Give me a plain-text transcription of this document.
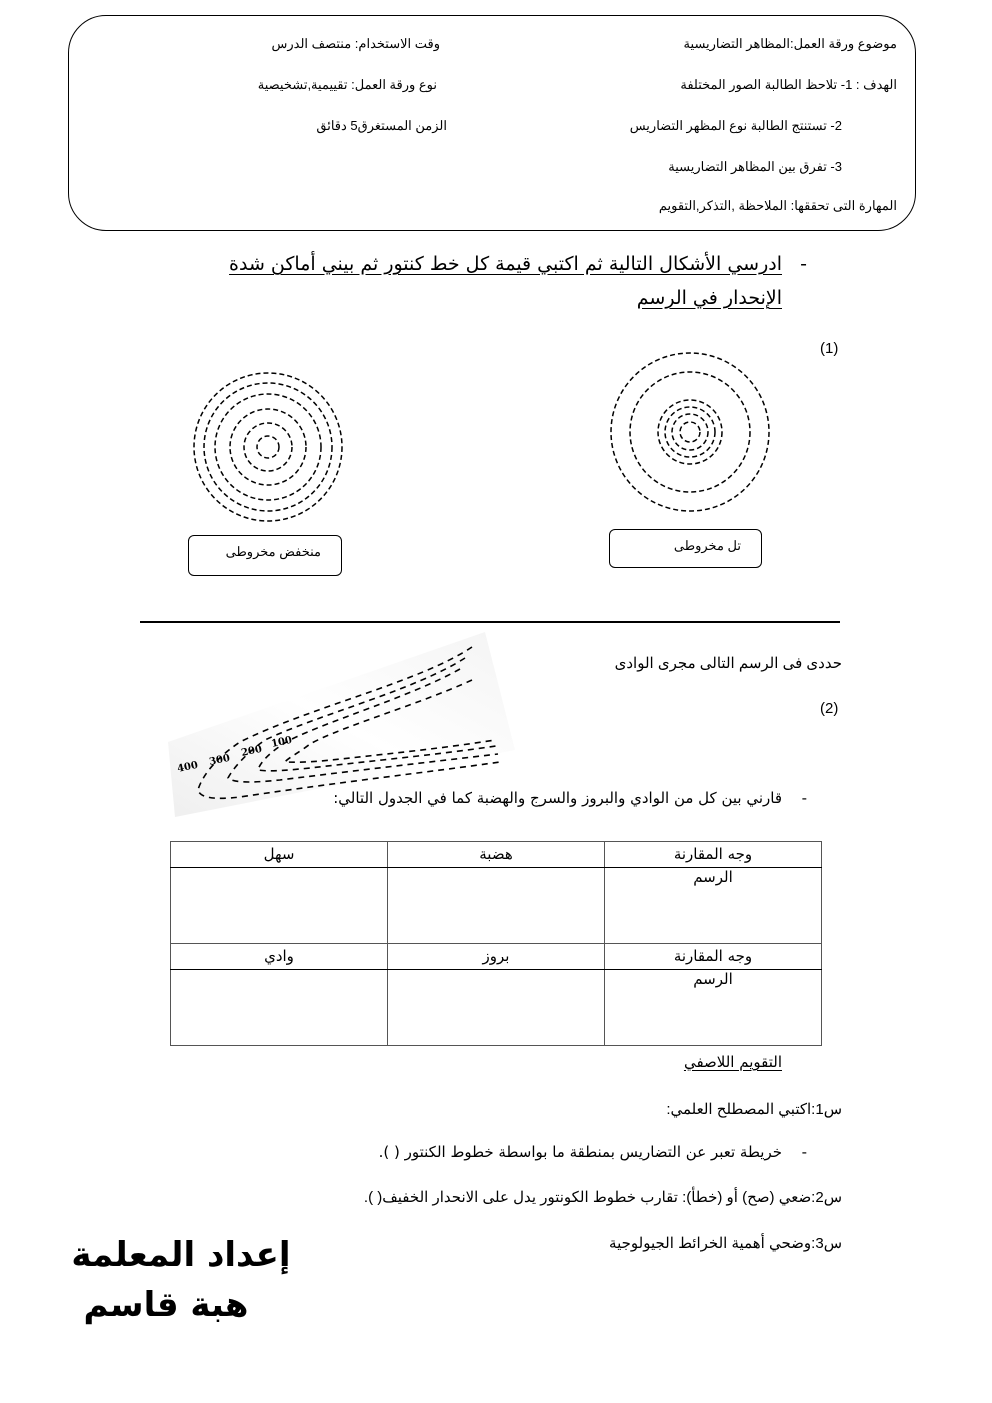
موضوع ورقة العمل:المظاهر التضاريسية
وقت الاستخدام: منتصف الدرس
الهدف : 1- تلاحظ الطالبة الصور المختلفة
نوع ورقة العمل: تقييمية,تشخيصية
2- تستنتج الطالبة نوع المظهر التضاريس
الزمن المستغرق5 دقائق
3- تفرق بين المظاهر التضاريسية
المهارة التى تحققها: الملاحظة ,التذكر,التقويم
-
ادرسي الأشكال التالية ثم اكتبي قيمة كل خط كنتور ثم بيني أماكن شدة
الإنحدار في الرسم
(1)
تل مخروطى
منخفض مخروطى
حددى فى الرسم التالى مجرى الوادى
(2)
400 300
200
100
-
قارني بين كل من الوادي والبروز والسرج والهضبة كما في الجدول التالي:
وجه المقارنة	هضبة	سهل
الرسم		
وجه المقارنة	بروز	وادي
الرسم		
التقويم اللاصفي
س1:اكتبي المصطلح العلمي:
-
خريطة تعبر عن التضاريس بمنطقة ما بواسطة خطوط الكنتور ( ).
س2:ضعي (صح) أو (خطأ): تقارب خطوط الكونتور يدل على الانحدار الخفيف( ).
س3:وضحي أهمية الخرائط الجيولوجية
إعداد المعلمة
هبة قاسم
